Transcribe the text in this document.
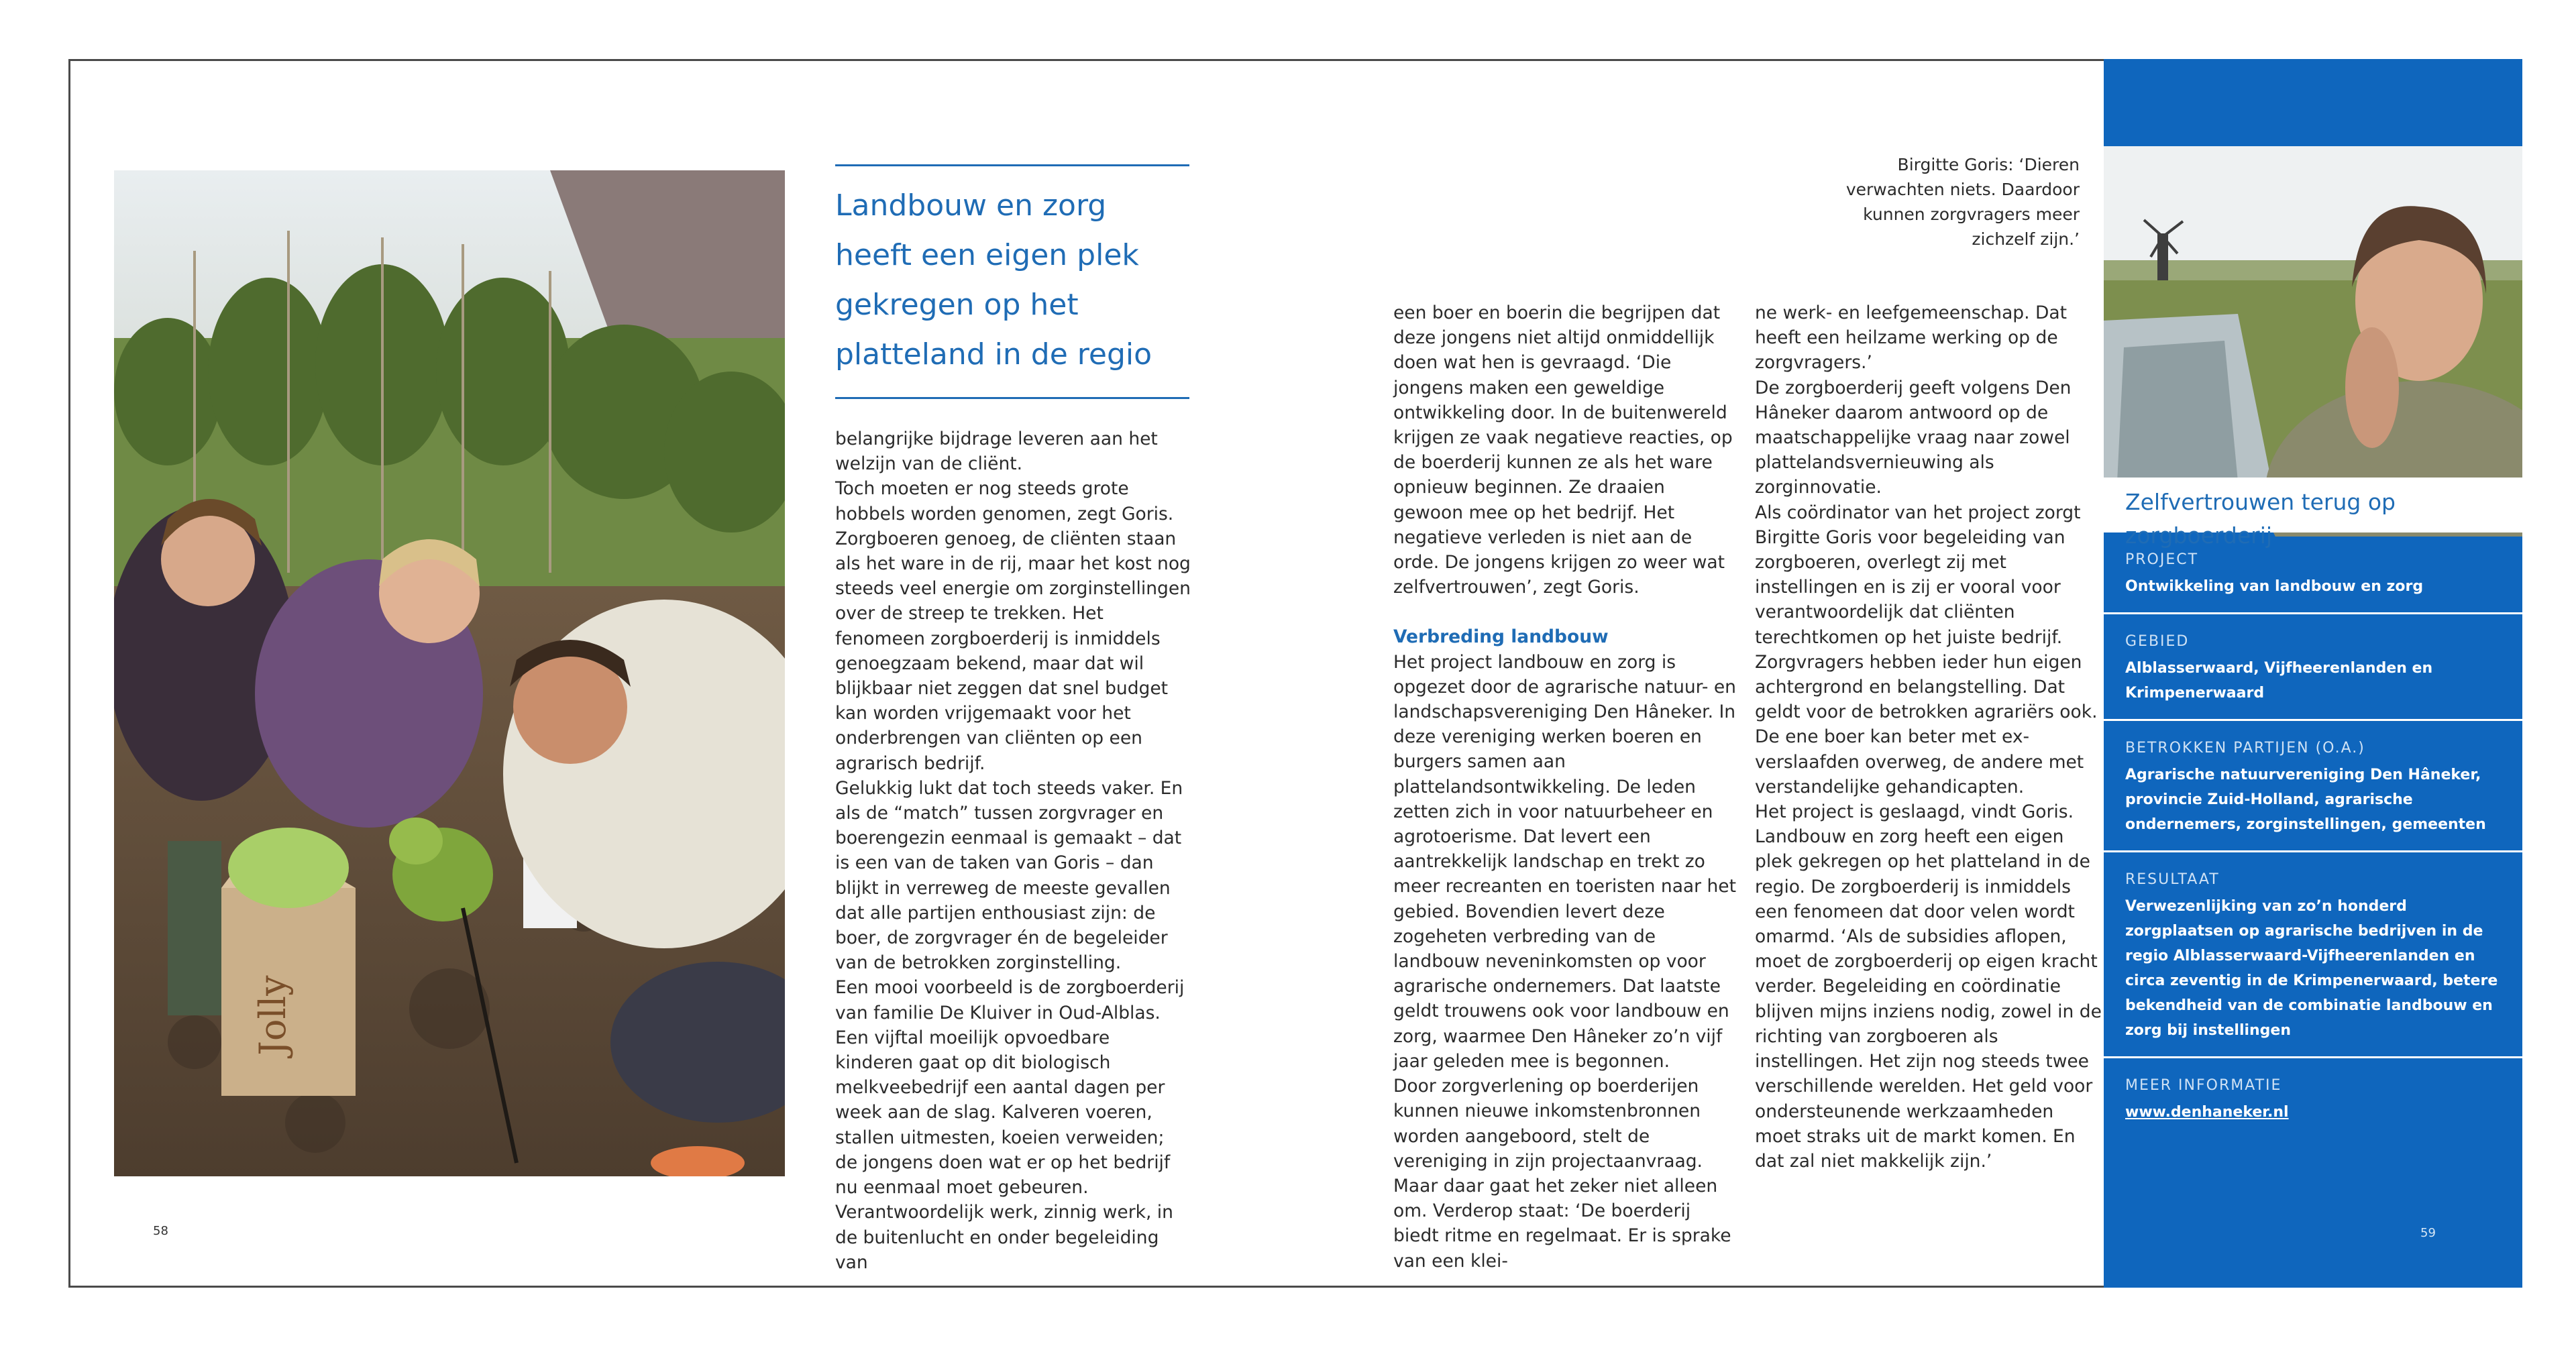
Jolly
Landbouw en zorg heeft een eigen plek gekregen op het platteland in de regio

belangrijke bijdrage leveren aan het welzijn van de cliënt.

Toch moeten er nog steeds grote hobbels worden genomen, zegt Goris. Zorgboeren genoeg, de cliënten staan als het ware in de rij, maar het kost nog steeds veel energie om zorginstellingen over de streep te trekken. Het fenomeen zorgboerderij is inmiddels genoegzaam bekend, maar dat wil blijkbaar niet zeggen dat snel budget kan worden vrijgemaakt voor het onderbrengen van cliënten op een agrarisch bedrijf.

Gelukkig lukt dat toch steeds vaker. En als de “match” tussen zorgvrager en boerengezin eenmaal is gemaakt – dat is een van de taken van Goris – dan blijkt in verreweg de meeste gevallen dat alle partijen enthousiast zijn: de boer, de zorgvrager én de begeleider van de betrokken zorginstelling.

Een mooi voorbeeld is de zorgboerderij van familie De Kluiver in Oud-Alblas. Een vijftal moeilijk opvoedbare kinderen gaat op dit biologisch melkveebedrijf een aantal dagen per week aan de slag. Kalveren voeren, stallen uitmesten, koeien verweiden; de jongens doen wat er op het bedrijf nu eenmaal moet gebeuren. Verantwoordelijk werk, zinnig werk, in de buitenlucht en onder begeleiding van

een boer en boerin die begrijpen dat deze jongens niet altijd onmiddellijk doen wat hen is gevraagd. ‘Die jongens maken een geweldige ontwikkeling door. In de buitenwereld krijgen ze vaak negatieve reacties, op de boerderij kunnen ze als het ware opnieuw beginnen. Ze draaien gewoon mee op het bedrijf. Het negatieve verleden is niet aan de orde. De jongens krijgen zo weer wat zelfvertrouwen’, zegt Goris.

Verbreding landbouw

Het project landbouw en zorg is opgezet door de agrarische natuur- en landschapsvereniging Den Hâneker. In deze vereniging werken boeren en burgers samen aan plattelandsontwikkeling. De leden zetten zich in voor natuurbeheer en agrotoerisme. Dat levert een aantrekkelijk landschap en trekt zo meer recreanten en toeristen naar het gebied. Bovendien levert deze zogeheten verbreding van de landbouw neveninkomsten op voor agrarische ondernemers. Dat laatste geldt trouwens ook voor landbouw en zorg, waarmee Den Hâneker zo’n vijf jaar geleden mee is begonnen.

Door zorgverlening op boerderijen kunnen nieuwe inkomstenbronnen worden aangeboord, stelt de vereniging in zijn projectaanvraag. Maar daar gaat het zeker niet alleen om. Verderop staat: ‘De boerderij biedt ritme en regelmaat. Er is sprake van een klei-

ne werk- en leefgemeenschap. Dat heeft een heilzame werking op de zorgvragers.’

De zorgboerderij geeft volgens Den Hâneker daarom antwoord op de maatschappelijke vraag naar zowel plattelandsvernieuwing als zorginnovatie.

Als coördinator van het project zorgt Birgitte Goris voor begeleiding van zorgboeren, overlegt zij met instellingen en is zij er vooral voor verantwoordelijk dat cliënten terechtkomen op het juiste bedrijf. Zorgvragers hebben ieder hun eigen achtergrond en belangstelling. Dat geldt voor de betrokken agrariërs ook. De ene boer kan beter met ex-verslaafden overweg, de andere met verstandelijke gehandicapten.

Het project is geslaagd, vindt Goris. Landbouw en zorg heeft een eigen plek gekregen op het platteland in de regio. De zorgboerderij is inmiddels een fenomeen dat door velen wordt omarmd. ‘Als de subsidies aflopen, moet de zorgboerderij op eigen kracht verder. Begeleiding en coördinatie blijven mijns inziens nodig, zowel in de richting van zorgboeren als instellingen. Het zijn nog steeds twee verschillende werelden. Het geld voor ondersteunende werkzaamheden moet straks uit de markt komen. En dat zal niet makkelijk zijn.’

Birgitte Goris: ‘Dieren verwachten niets. Daardoor kunnen zorgvragers meer zichzelf zijn.’

58
Zelfvertrouwen terug op zorgboerderij

PROJECT

Ontwikkeling van landbouw en zorg

GEBIED

Alblasserwaard, Vijfheerenlanden en Krimpenerwaard

BETROKKEN PARTIJEN (O.A.)

Agrarische natuurvereniging Den Hâneker, provincie Zuid-Holland, agrarische ondernemers, zorginstellingen, gemeenten

RESULTAAT

Verwezenlijking van zo’n honderd zorgplaatsen op agrarische bedrijven in de regio Alblasserwaard-Vijfheerenlanden en circa zeventig in de Krimpenerwaard, betere bekendheid van de combinatie landbouw en zorg bij instellingen

MEER INFORMATIE

www.denhaneker.nl

59
